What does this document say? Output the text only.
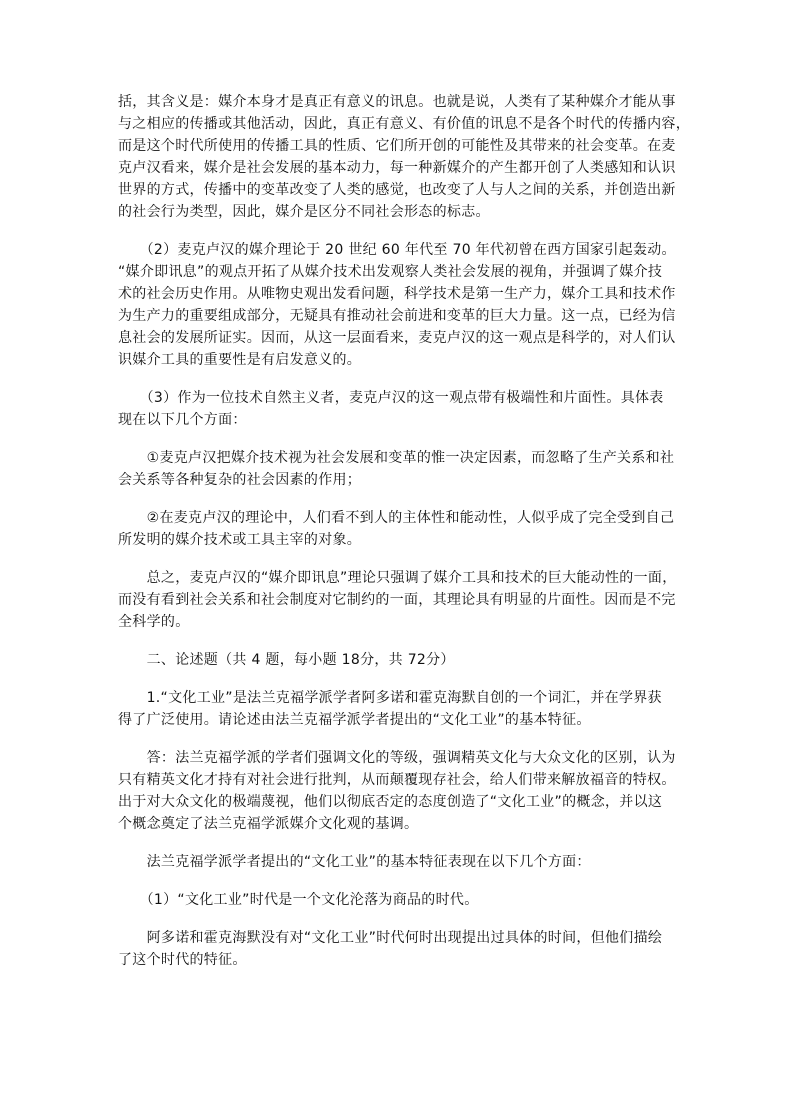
括，其含义是：媒介本身才是真正有意义的讯息。也就是说，人类有了某种媒介才能从事
与之相应的传播或其他活动，因此，真正有意义、有价值的讯息不是各个时代的传播内容，
而是这个时代所使用的传播工具的性质、它们所开创的可能性及其带来的社会变革。在麦
克卢汉看来，媒介是社会发展的基本动力，每一种新媒介的产生都开创了人类感知和认识
世界的方式，传播中的变革改变了人类的感觉，也改变了人与人之间的关系，并创造出新
的社会行为类型，因此，媒介是区分不同社会形态的标志。
　　（2）麦克卢汉的媒介理论于 20 世纪 60 年代至 70 年代初曾在西方国家引起轰动。
“媒介即讯息”的观点开拓了从媒介技术出发观察人类社会发展的视角，并强调了媒介技
术的社会历史作用。从唯物史观出发看问题，科学技术是第一生产力，媒介工具和技术作
为生产力的重要组成部分，无疑具有推动社会前进和变革的巨大力量。这一点，已经为信
息社会的发展所证实。因而，从这一层面看来，麦克卢汉的这一观点是科学的，对人们认
识媒介工具的重要性是有启发意义的。
　　（3）作为一位技术自然主义者，麦克卢汉的这一观点带有极端性和片面性。具体表
现在以下几个方面：
　　①麦克卢汉把媒介技术视为社会发展和变革的惟一决定因素，而忽略了生产关系和社
会关系等各种复杂的社会因素的作用；
　　②在麦克卢汉的理论中，人们看不到人的主体性和能动性，人似乎成了完全受到自己
所发明的媒介技术或工具主宰的对象。
　　总之，麦克卢汉的“媒介即讯息”理论只强调了媒介工具和技术的巨大能动性的一面，
而没有看到社会关系和社会制度对它制约的一面，其理论具有明显的片面性。因而是不完
全科学的。
　　二、论述题（共 4 题，每小题 18分，共 72分）
　　1.“文化工业”是法兰克福学派学者阿多诺和霍克海默自创的一个词汇，并在学界获
得了广泛使用。请论述由法兰克福学派学者提出的“文化工业”的基本特征。
　　答：法兰克福学派的学者们强调文化的等级，强调精英文化与大众文化的区别，认为
只有精英文化才持有对社会进行批判，从而颠覆现存社会，给人们带来解放福音的特权。
出于对大众文化的极端蔑视，他们以彻底否定的态度创造了“文化工业”的概念，并以这
个概念奠定了法兰克福学派媒介文化观的基调。
　　法兰克福学派学者提出的“文化工业”的基本特征表现在以下几个方面：
　　（1）“文化工业”时代是一个文化沦落为商品的时代。
　　阿多诺和霍克海默没有对“文化工业”时代何时出现提出过具体的时间，但他们描绘
了这个时代的特征。
